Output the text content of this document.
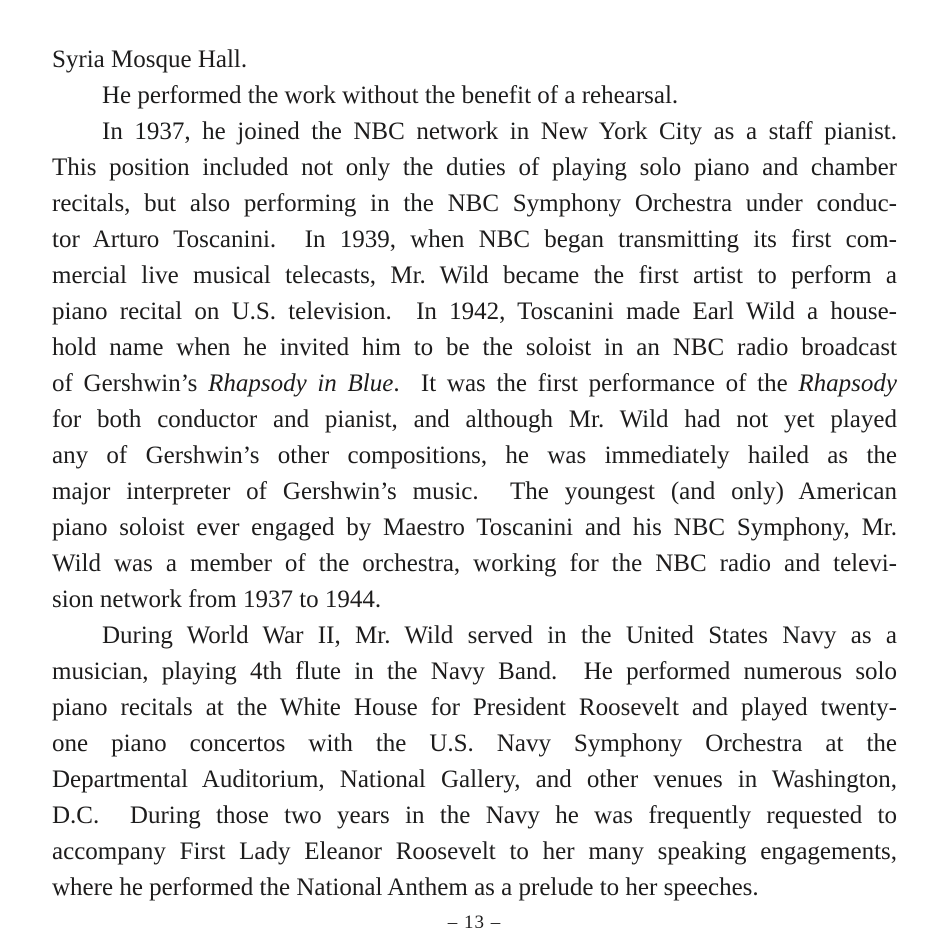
Syria Mosque Hall.
He performed the work without the benefit of a rehearsal.
In 1937, he joined the NBC network in New York City as a staff pianist.
This position included not only the duties of playing solo piano and chamber
recitals, but also performing in the NBC Symphony Orchestra under conduc-
tor Arturo Toscanini.  In 1939, when NBC began transmitting its first com-
mercial live musical telecasts, Mr. Wild became the first artist to perform a
piano recital on U.S. television.  In 1942, Toscanini made Earl Wild a house-
hold name when he invited him to be the soloist in an NBC radio broadcast
of Gershwin’s Rhapsody in Blue.  It was the first performance of the Rhapsody
for both conductor and pianist, and although Mr. Wild had not yet played
any of Gershwin’s other compositions, he was immediately hailed as the
major interpreter of Gershwin’s music.  The youngest (and only) American
piano soloist ever engaged by Maestro Toscanini and his NBC Symphony, Mr.
Wild was a member of the orchestra, working for the NBC radio and televi-
sion network from 1937 to 1944.
During World War II, Mr. Wild served in the United States Navy as a
musician, playing 4th flute in the Navy Band.  He performed numerous solo
piano recitals at the White House for President Roosevelt and played twenty-
one piano concertos with the U.S. Navy Symphony Orchestra at the
Departmental Auditorium, National Gallery, and other venues in Washington,
D.C.  During those two years in the Navy he was frequently requested to
accompany First Lady Eleanor Roosevelt to her many speaking engagements,
where he performed the National Anthem as a prelude to her speeches.
– 13 –
